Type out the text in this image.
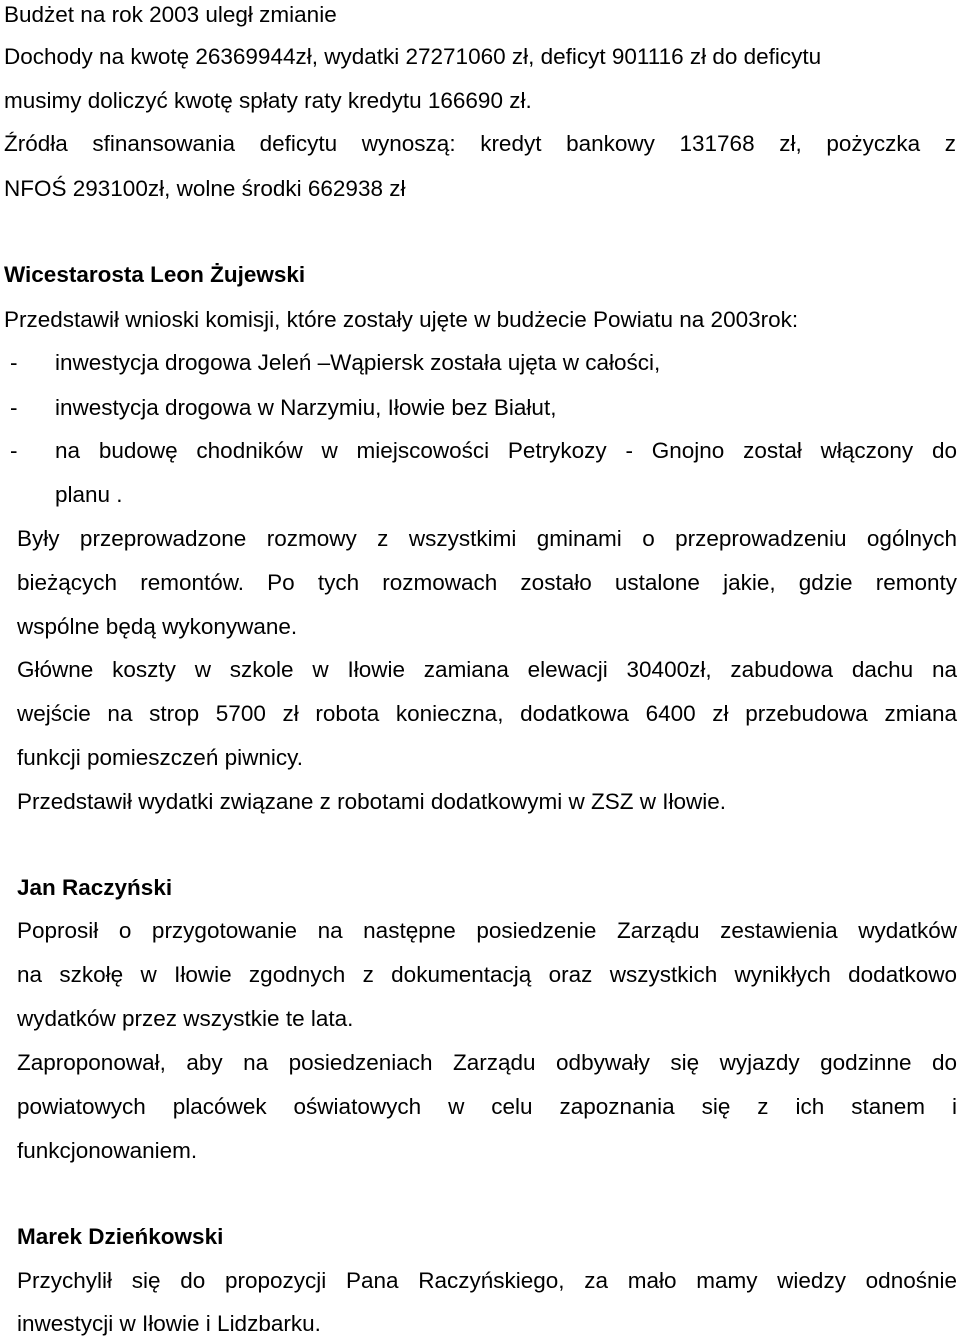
Budżet na rok 2003 uległ zmianie
Dochody na kwotę 26369944zł, wydatki 27271060 zł, deficyt 901116 zł do deficytu
musimy doliczyć kwotę spłaty raty kredytu 166690 zł.
Źródła sfinansowania deficytu wynoszą: kredyt bankowy 131768 zł, pożyczka z
NFOŚ 293100zł, wolne środki 662938 zł
Wicestarosta Leon Żujewski
Przedstawił wnioski komisji, które zostały ujęte w budżecie Powiatu na 2003rok:
- inwestycja drogowa Jeleń –Wąpiersk została ujęta w całości,
- inwestycja drogowa w Narzymiu, Iłowie bez Białut,
- na budowę chodników w miejscowości Petrykozy - Gnojno został włączony do
planu .
Były przeprowadzone rozmowy z wszystkimi gminami o przeprowadzeniu ogólnych
bieżących remontów. Po tych rozmowach zostało ustalone jakie, gdzie remonty
wspólne będą wykonywane.
Główne koszty w szkole w Iłowie zamiana elewacji 30400zł, zabudowa dachu na
wejście na strop 5700 zł robota konieczna, dodatkowa 6400 zł przebudowa zmiana
funkcji pomieszczeń piwnicy.
Przedstawił wydatki związane z robotami dodatkowymi w ZSZ w Iłowie.
Jan Raczyński
Poprosił o przygotowanie na następne posiedzenie Zarządu zestawienia wydatków
na szkołę w Iłowie zgodnych z dokumentacją oraz wszystkich wynikłych dodatkowo
wydatków przez wszystkie te lata.
Zaproponował, aby na posiedzeniach Zarządu odbywały się wyjazdy godzinne do
powiatowych placówek oświatowych w celu zapoznania się z ich stanem i
funkcjonowaniem.
Marek Dzieńkowski
Przychylił się do propozycji Pana Raczyńskiego, za mało mamy wiedzy odnośnie
inwestycji w Iłowie i Lidzbarku.
